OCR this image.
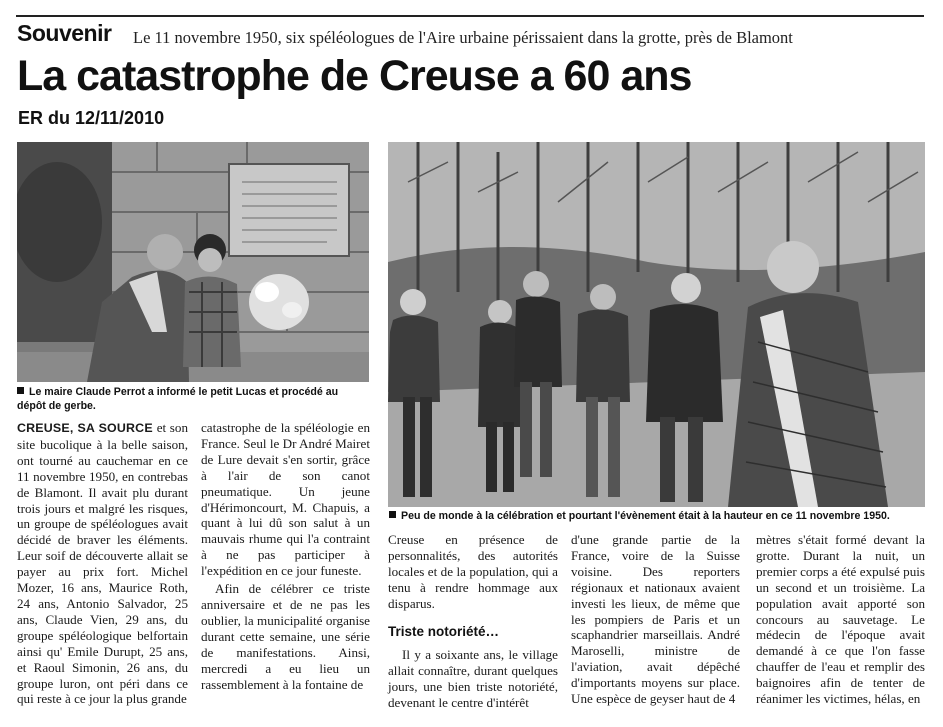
Souvenir Le 11 novembre 1950, six spéléologues de l'Aire urbaine périssaient dans la grotte, près de Blamont
La catastrophe de Creuse a 60 ans
ER du 12/11/2010
Le maire Claude Perrot a informé le petit Lucas et procédé au dépôt de gerbe.
Peu de monde à la célébration et pourtant l'évènement était à la hauteur en ce 11 novembre 1950.

CREUSE, SA SOURCE et son site bucolique à la belle saison, ont tourné au cauchemar en ce 11 novembre 1950, en contrebas de Blamont. Il avait plu durant trois jours et malgré les risques, un groupe de spéléologues avait décidé de braver les éléments. Leur soif de découverte allait se payer au prix fort. Michel Mozer, 16 ans, Maurice Roth, 24 ans, Antonio Salvador, 25 ans, Claude Vien, 29 ans, du groupe spéléologique belfortain ainsi qu' Emile Durupt, 25 ans, et Raoul Simonin, 26 ans, du groupe luron, ont péri dans ce qui reste à ce jour la plus grande

catastrophe de la spéléologie en France. Seul le Dr André Mairet de Lure devait s'en sortir, grâce à l'air de son canot pneumatique. Un jeune d'Hérimoncourt, M. Chapuis, a quant à lui dû son salut à un mauvais rhume qui l'a contraint à ne pas participer à l'expédition en ce jour funeste.

Afin de célébrer ce triste anniversaire et de ne pas les oublier, la municipalité organise durant cette semaine, une série de manifestations. Ainsi, mercredi a eu lieu un rassemblement à la fontaine de

Creuse en présence de personnalités, des autorités locales et de la population, qui a tenu à rendre hommage aux disparus.

Triste notoriété…

Il y a soixante ans, le village allait connaître, durant quelques jours, une bien triste notoriété, devenant le centre d'intérêt

d'une grande partie de la France, voire de la Suisse voisine. Des reporters régionaux et nationaux avaient investi les lieux, de même que les pompiers de Paris et un scaphandrier marseillais. André Maroselli, ministre de l'aviation, avait dépêché d'importants moyens sur place. Une espèce de geyser haut de 4

mètres s'était formé devant la grotte. Durant la nuit, un premier corps a été expulsé puis un second et un troisième. La population avait apporté son concours au sauvetage. Le médecin de l'époque avait demandé à ce que l'on fasse chauffer de l'eau et remplir des baignoires afin de tenter de réanimer les victimes, hélas, en
